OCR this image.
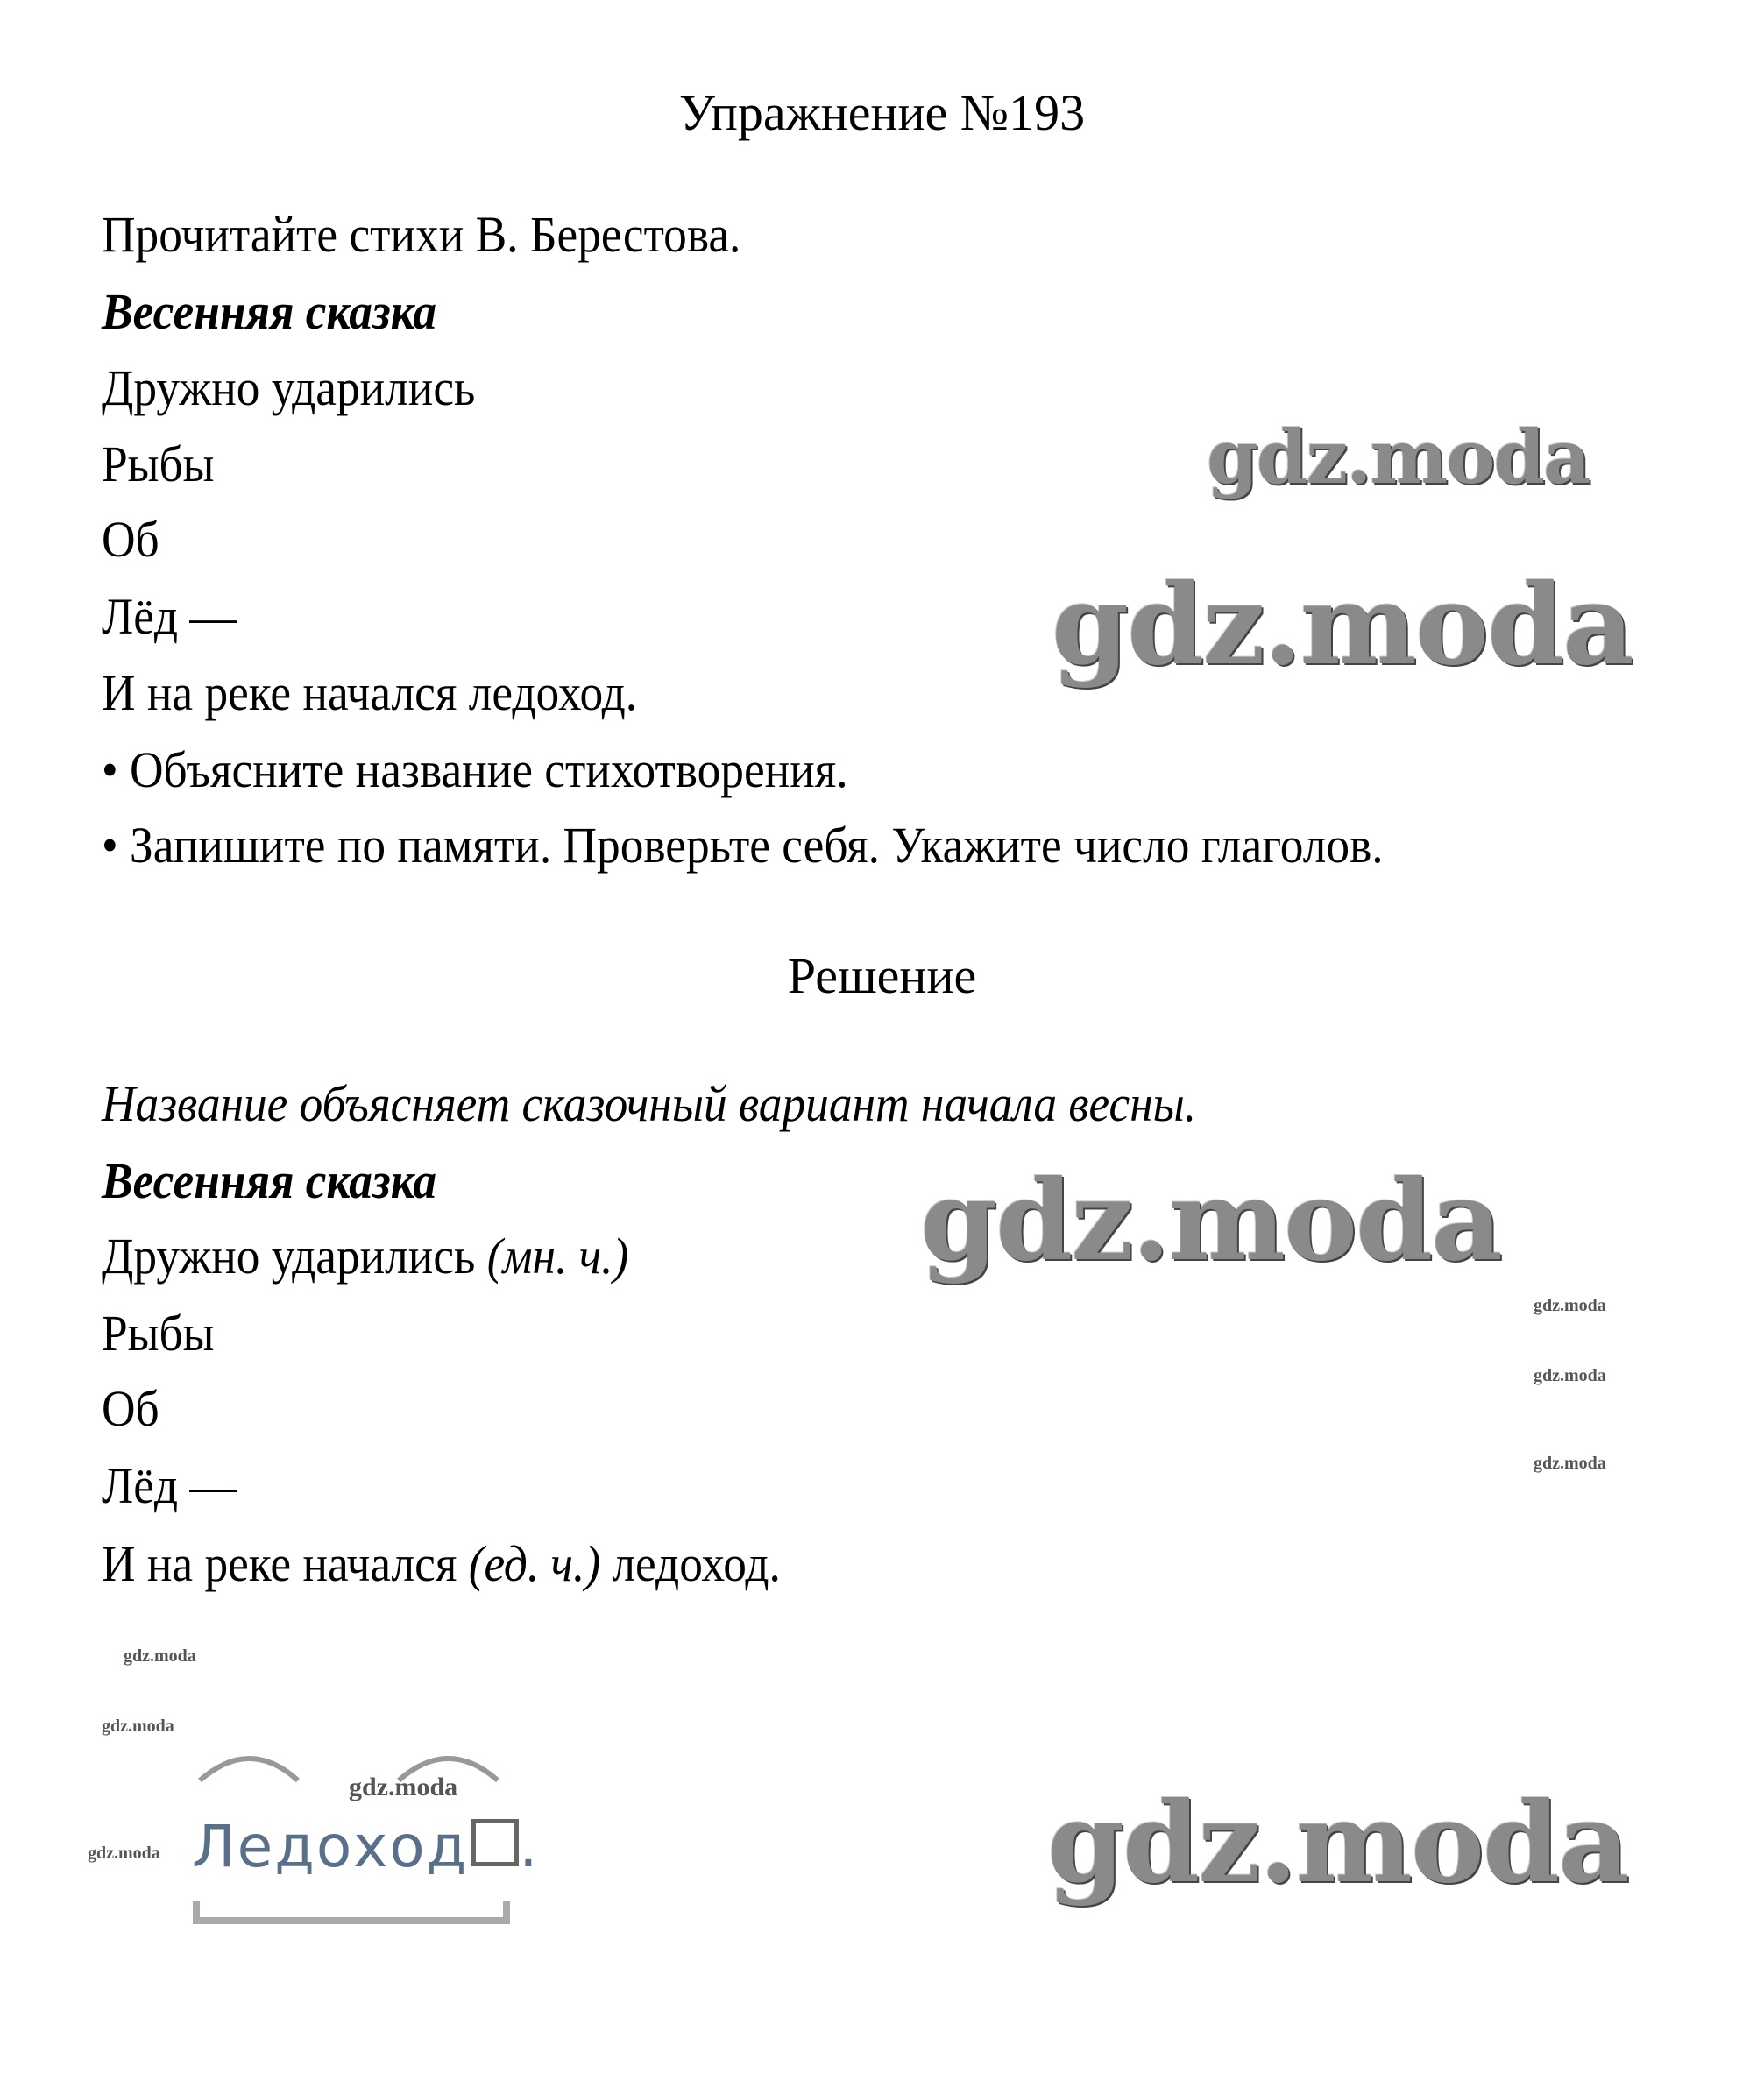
Упражнение №193
Прочитайте стихи В. Берестова.
Весенняя сказка
Дружно ударились
Рыбы
Об
Лёд —
И на реке начался ледоход.
• Объясните название стихотворения.
• Запишите по памяти. Проверьте себя. Укажите число глаголов.
Решение
Название объясняет сказочный вариант начала весны.
Весенняя сказка
Дружно ударились (мн. ч.)
Рыбы
Об
Лёд —
И на реке начался (ед. ч.) ледоход.
Ледоход .
gdz.moda
gdz.moda
gdz.moda
gdz.moda
gdz.moda
gdz.moda
gdz.moda
gdz.moda
gdz.moda
gdz.moda
gdz.moda
